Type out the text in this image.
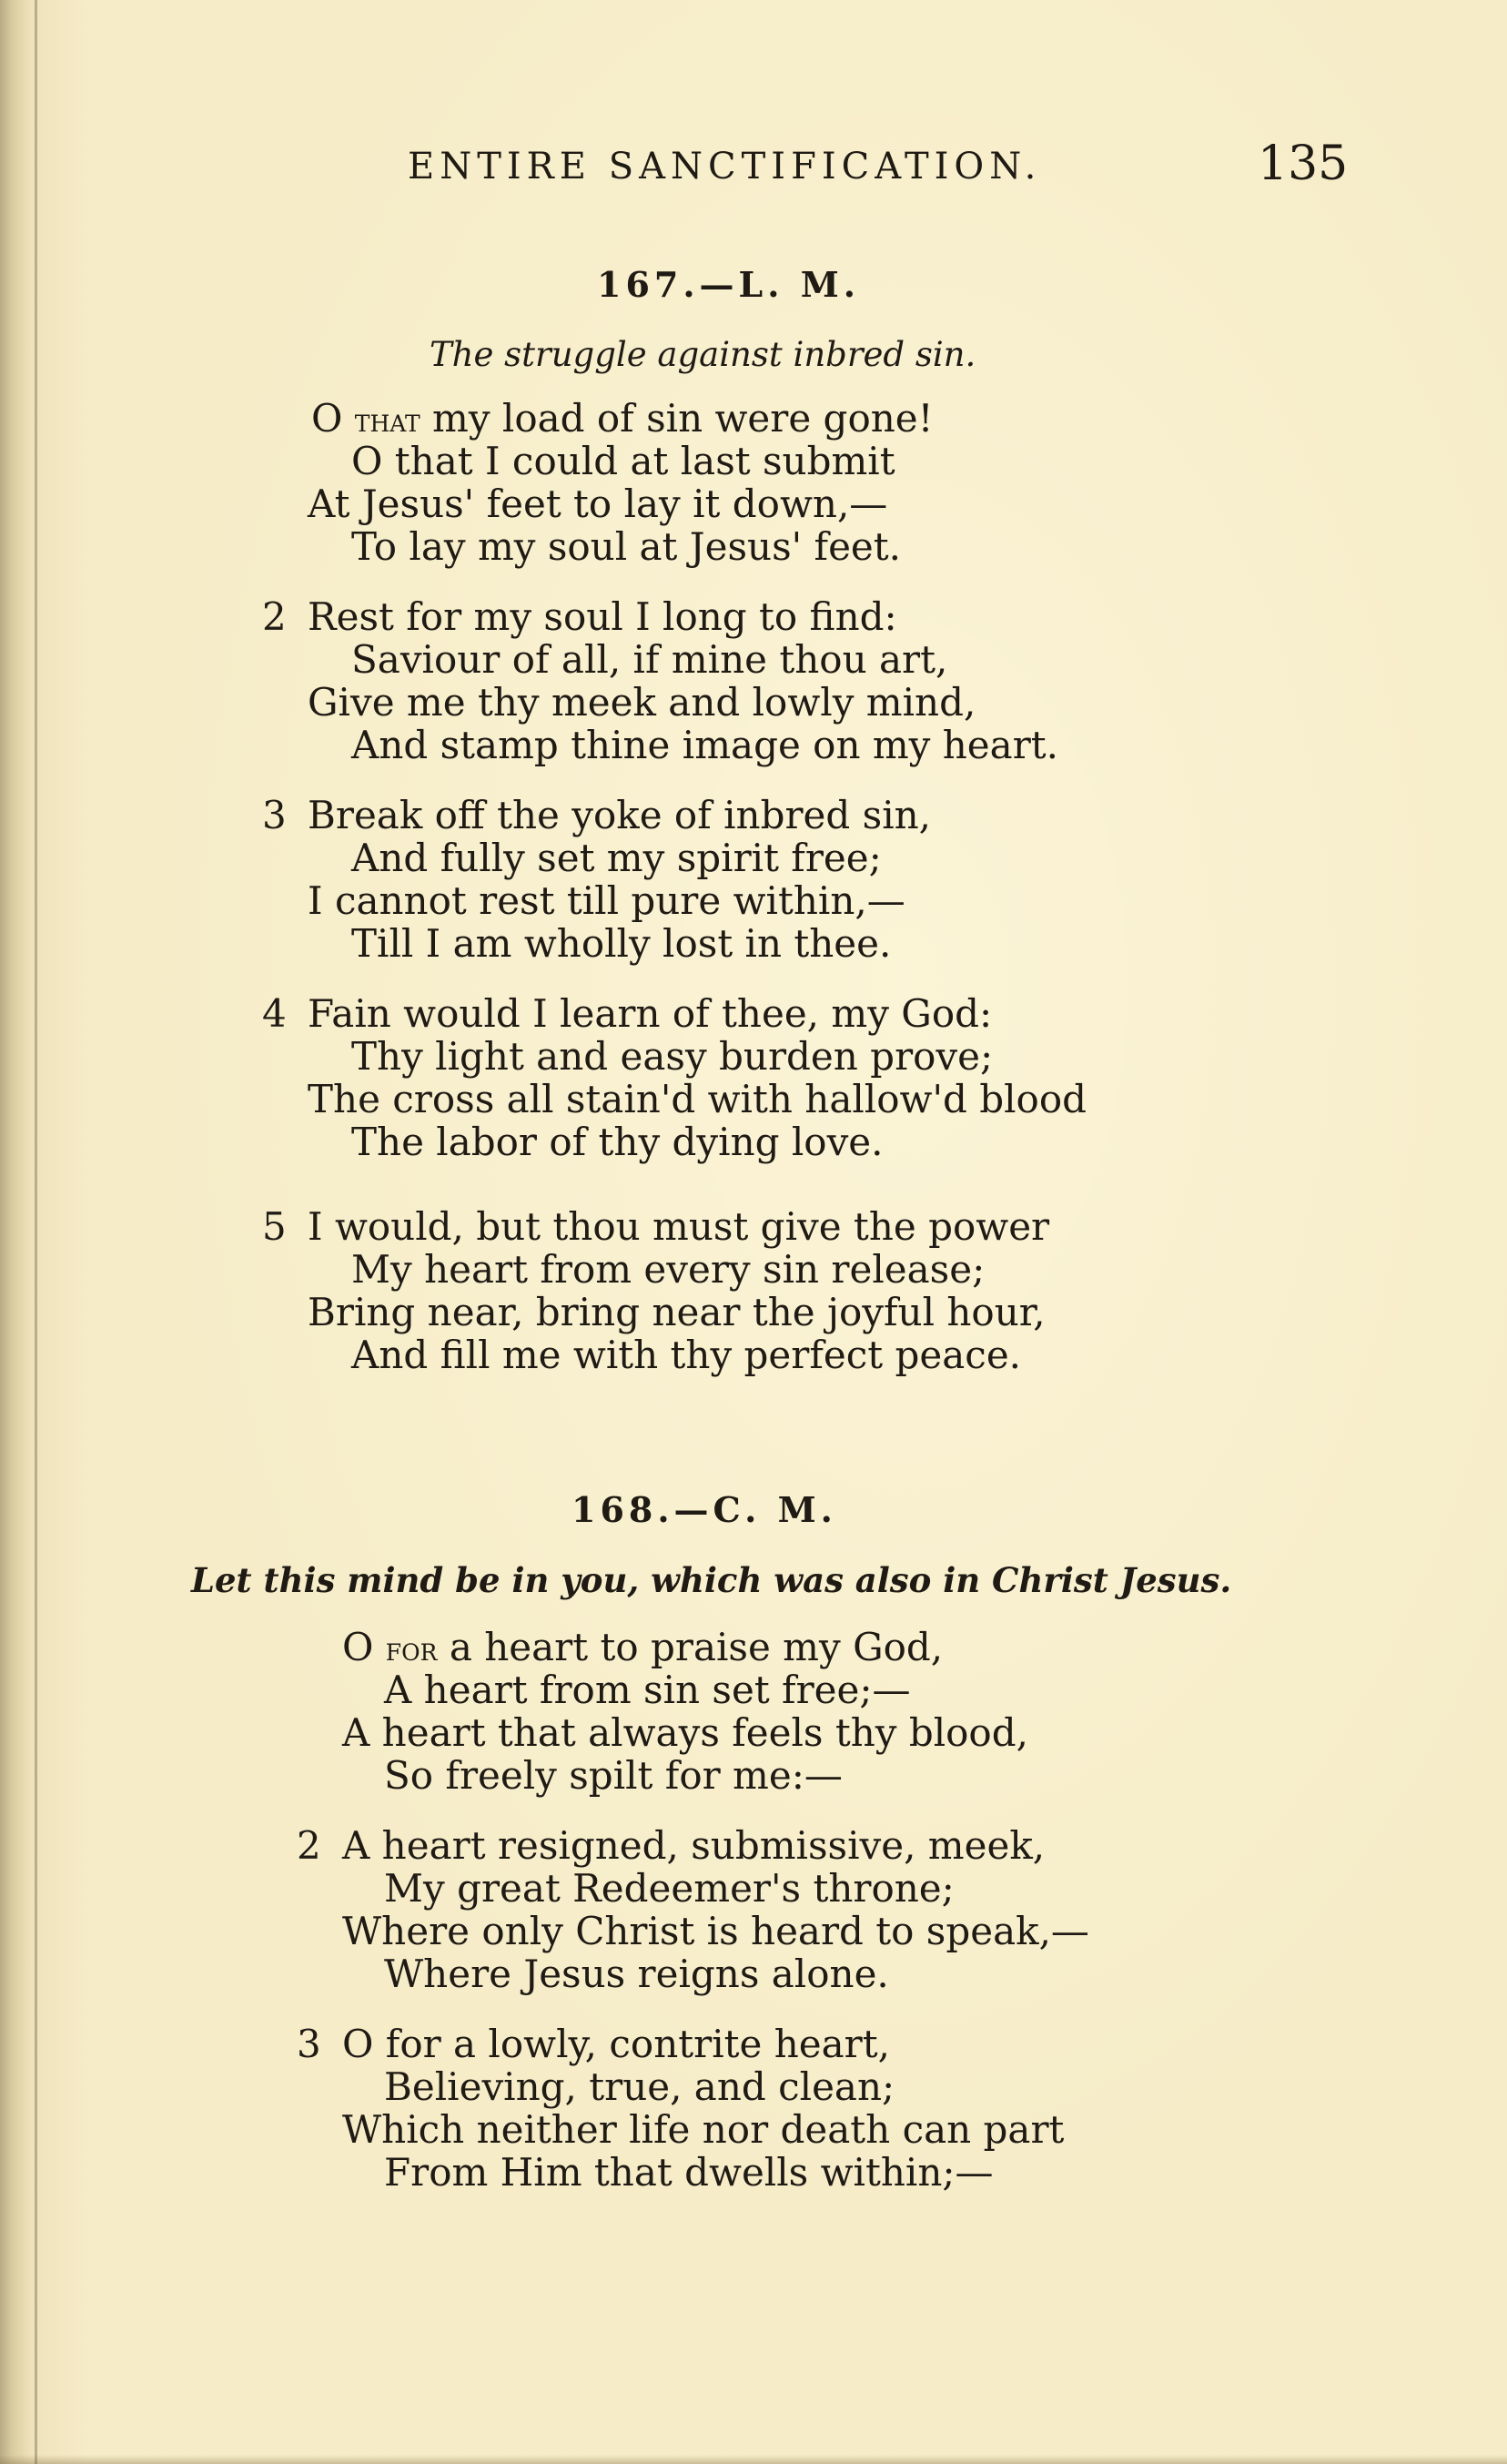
ENTIRE SANCTIFICATION.	135
167.—L. M.
The struggle against inbred sin.
O that my load of sin were gone!
O that I could at last submit
At Jesus' feet to lay it down,—
To lay my soul at Jesus' feet.
2 Rest for my soul I long to find:
Saviour of all, if mine thou art,
Give me thy meek and lowly mind,
And stamp thine image on my heart.
3 Break off the yoke of inbred sin,
And fully set my spirit free;
I cannot rest till pure within,—
Till I am wholly lost in thee.
4 Fain would I learn of thee, my God:
Thy light and easy burden prove;
The cross all stain'd with hallow'd blood
The labor of thy dying love.
5 I would, but thou must give the power
My heart from every sin release;
Bring near, bring near the joyful hour,
And fill me with thy perfect peace.
168.—C. M.
Let this mind be in you, which was also in Christ Jesus.
O for a heart to praise my God,
A heart from sin set free;—
A heart that always feels thy blood,
So freely spilt for me:—
2 A heart resigned, submissive, meek,
My great Redeemer's throne;
Where only Christ is heard to speak,—
Where Jesus reigns alone.
3 O for a lowly, contrite heart,
Believing, true, and clean;
Which neither life nor death can part
From Him that dwells within;—
